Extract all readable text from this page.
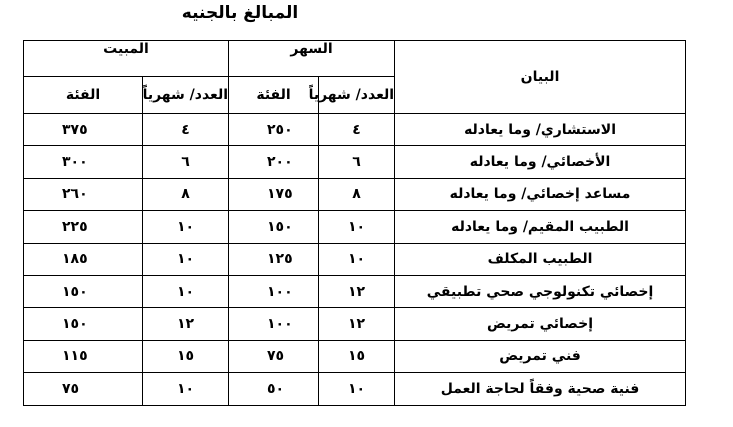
المبالغ بالجنيه
البيان	السهر		المبيت	
	العدد/ شهرياً	الفئة	العدد/ شهرياً	الفئة
الاستشاري/ وما يعادله	٤	٢٥٠	٤	٣٧٥
الأخصائي/ وما يعادله	٦	٢٠٠	٦	٣٠٠
مساعد إخصائي/ وما يعادله	٨	١٧٥	٨	٢٦٠
الطبيب المقيم/ وما يعادله	١٠	١٥٠	١٠	٢٢٥
الطبيب المكلف	١٠	١٢٥	١٠	١٨٥
إخصائي تكنولوجي صحي تطبيقي	١٢	١٠٠	١٠	١٥٠
إخصائي تمريض	١٢	١٠٠	١٢	١٥٠
فني تمريض	١٥	٧٥	١٥	١١٥
فنية صحية وفقاً لحاجة العمل	١٠	٥٠	١٠	٧٥
